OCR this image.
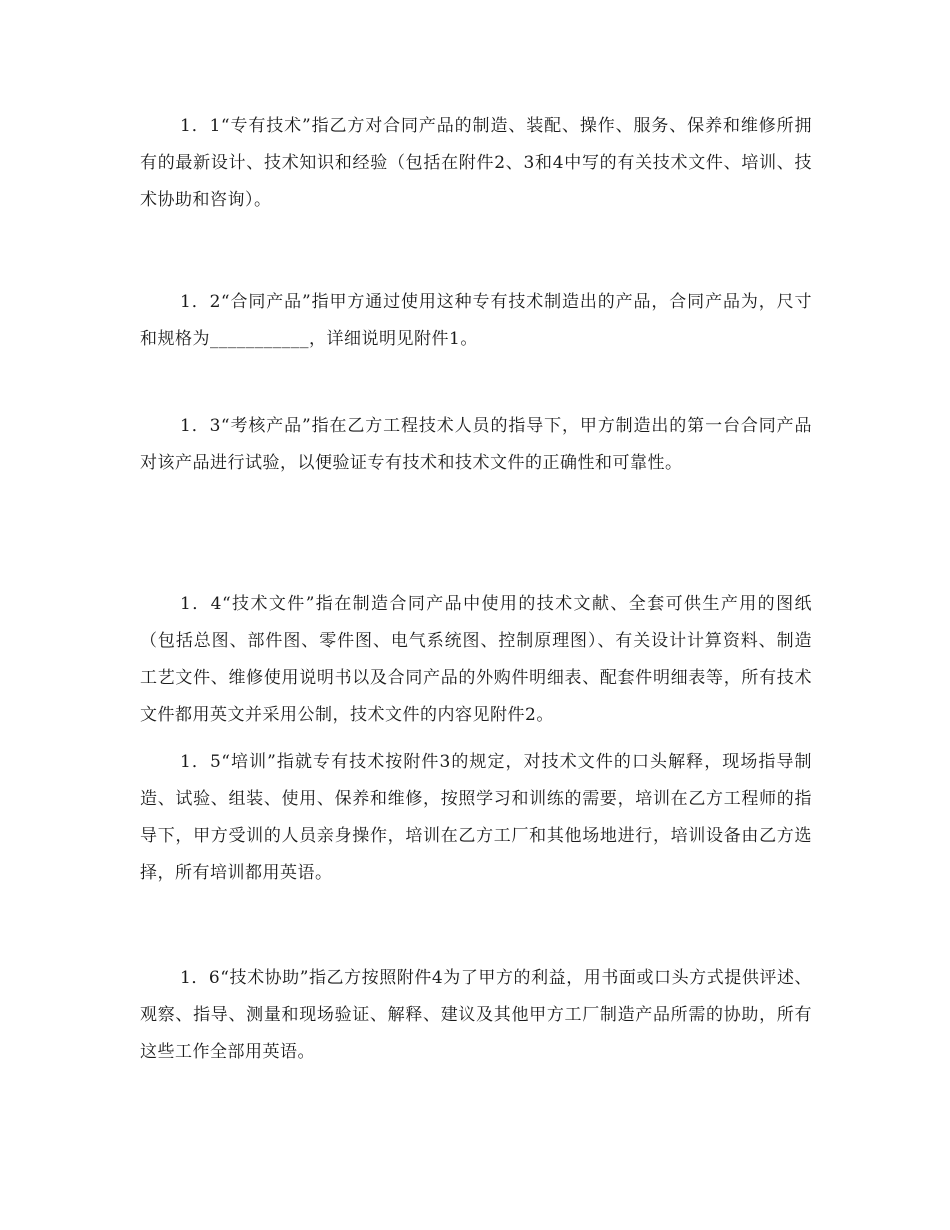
1．1“专有技术”指乙方对合同产品的制造、装配、操作、服务、保养和维修所拥有的最新设计、技术知识和经验（包括在附件2、3和4中写的有关技术文件、培训、技术协助和咨询）。

1．2“合同产品”指甲方通过使用这种专有技术制造出的产品，合同产品为，尺寸和规格为___________，详细说明见附件1。

1．3“考核产品”指在乙方工程技术人员的指导下，甲方制造出的第一台合同产品对该产品进行试验，以便验证专有技术和技术文件的正确性和可靠性。

1．4“技术文件”指在制造合同产品中使用的技术文献、全套可供生产用的图纸（包括总图、部件图、零件图、电气系统图、控制原理图）、有关设计计算资料、制造工艺文件、维修使用说明书以及合同产品的外购件明细表、配套件明细表等，所有技术文件都用英文并采用公制，技术文件的内容见附件2。

1．5“培训”指就专有技术按附件3的规定，对技术文件的口头解释，现场指导制造、试验、组装、使用、保养和维修，按照学习和训练的需要，培训在乙方工程师的指导下，甲方受训的人员亲身操作，培训在乙方工厂和其他场地进行，培训设备由乙方选择，所有培训都用英语。

1．6“技术协助”指乙方按照附件4为了甲方的利益，用书面或口头方式提供评述、观察、指导、测量和现场验证、解释、建议及其他甲方工厂制造产品所需的协助，所有这些工作全部用英语。
